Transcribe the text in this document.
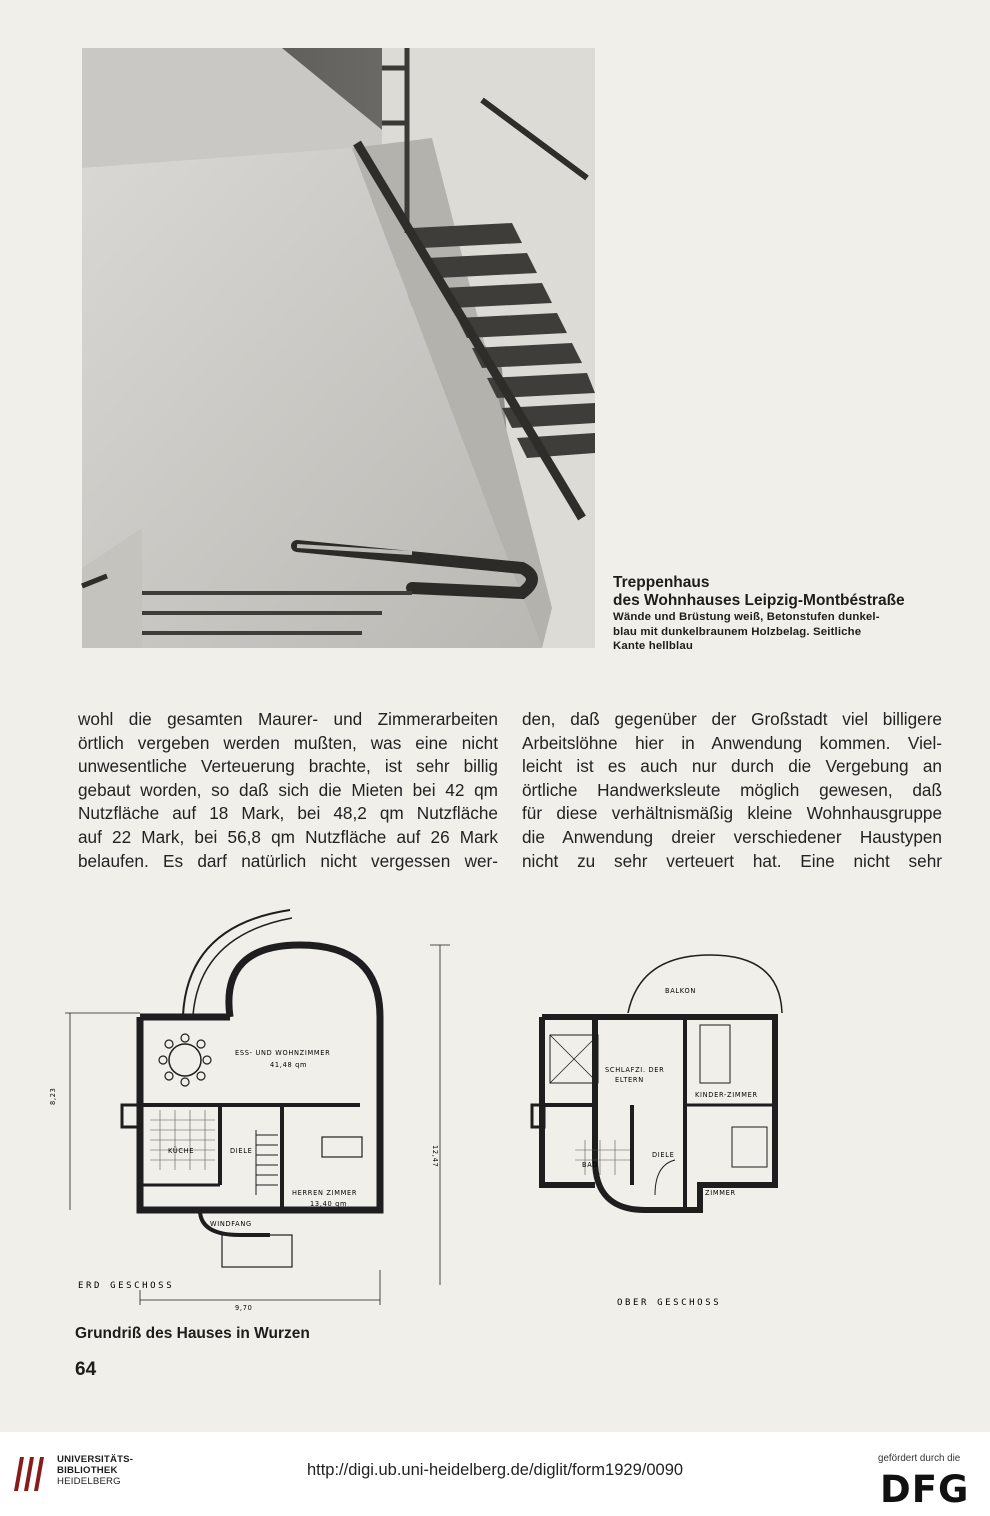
Treppenhaus
des Wohnhauses Leipzig-Montbéstraße
Wände und Brüstung weiß, Betonstufen dunkel-
blau mit dunkelbraunem Holzbelag. Seitliche
Kante hellblau
wohl die gesamten Maurer- und Zimmerarbeiten
örtlich vergeben werden mußten, was eine nicht
unwesentliche Verteuerung brachte, ist sehr billig
gebaut worden, so daß sich die Mieten bei 42 qm
Nutzfläche auf 18 Mark, bei 48,2 qm Nutzfläche
auf 22 Mark, bei 56,8 qm Nutzfläche auf 26 Mark
belaufen. Es darf natürlich nicht vergessen wer-
den, daß gegenüber der Großstadt viel billigere
Arbeitslöhne hier in Anwendung kommen. Viel-
leicht ist es auch nur durch die Vergebung an
örtliche Handwerksleute möglich gewesen, daß
für diese verhältnismäßig kleine Wohnhausgruppe
die Anwendung dreier verschiedener Haustypen
nicht zu sehr verteuert hat. Eine nicht sehr
ESS- UND WOHNZIMMER
41,48 qm
KÜCHE	DIELE
HERREN ZIMMER
13,40 qm
WINDFANG
9,70
8,23
12,47
ERD GESCHOSS
BALKON
SCHLAFZI. DER
ELTERN
KINDER-ZIMMER
BAD
DIELE
ZIMMER
OBER GESCHOSS
Grundriß des Hauses in Wurzen
64
UNIVERSITÄTS-
BIBLIOTHEK
HEIDELBERG
http://digi.ub.uni-heidelberg.de/diglit/form1929/0090
gefördert durch die
DFG
